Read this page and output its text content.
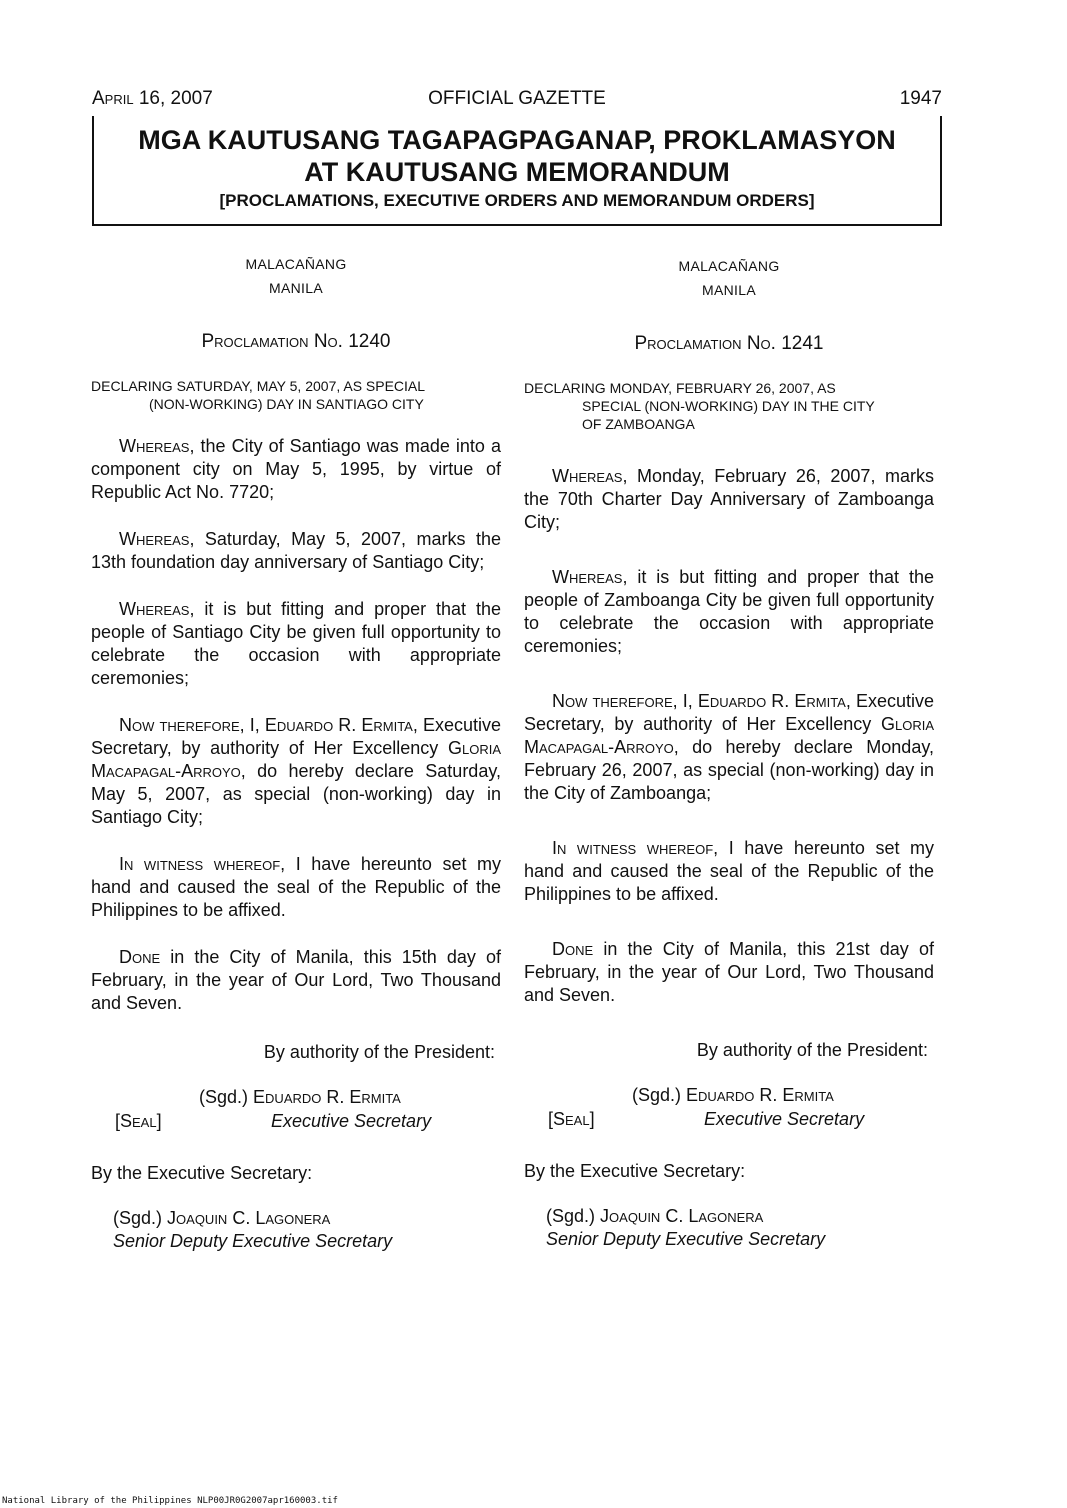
April 16, 2007	OFFICIAL GAZETTE	1947
MGA KAUTUSANG TAGAPAGPAGANAP, PROKLAMASYON
AT KAUTUSANG MEMORANDUM
[PROCLAMATIONS, EXECUTIVE ORDERS AND MEMORANDUM ORDERS]
MALACAÑANG
MANILA
Proclamation No. 1240
DECLARING SATURDAY, MAY 5, 2007, AS SPECIAL
(NON-WORKING) DAY IN SANTIAGO CITY
Whereas, the City of Santiago was made into a component city on May 5, 1995, by virtue of Republic Act No. 7720;
Whereas, Saturday, May 5, 2007, marks the 13th foundation day anniversary of Santiago City;
Whereas, it is but fitting and proper that the people of Santiago City be given full opportunity to celebrate the occasion with appropriate ceremonies;
Now therefore, I, Eduardo R. Ermita, Executive Secretary, by authority of Her Excellency Gloria Macapagal-Arroyo, do hereby declare Saturday, May 5, 2007, as special (non-working) day in Santiago City;
In witness whereof, I have hereunto set my hand and caused the seal of the Republic of the Philippines to be affixed.
Done in the City of Manila, this 15th day of February, in the year of Our Lord, Two Thousand and Seven.
By authority of the President:
(Sgd.) Eduardo R. Ermita
[Seal]	Executive Secretary
By the Executive Secretary:
(Sgd.) Joaquin C. Lagonera
Senior Deputy Executive Secretary
MALACAÑANG
MANILA
Proclamation No. 1241
DECLARING MONDAY, FEBRUARY 26, 2007, AS
SPECIAL (NON-WORKING) DAY IN THE CITY
OF ZAMBOANGA
Whereas, Monday, February 26, 2007, marks the 70th Charter Day Anniversary of Zamboanga City;
Whereas, it is but fitting and proper that the people of Zamboanga City be given full opportunity to celebrate the occasion with appropriate ceremonies;
Now therefore, I, Eduardo R. Ermita, Executive Secretary, by authority of Her Excellency Gloria Macapagal-Arroyo, do hereby declare Monday, February 26, 2007, as special (non-working) day in the City of Zamboanga;
In witness whereof, I have hereunto set my hand and caused the seal of the Republic of the Philippines to be affixed.
Done in the City of Manila, this 21st day of February, in the year of Our Lord, Two Thousand and Seven.
By authority of the President:
(Sgd.) Eduardo R. Ermita
[Seal]	Executive Secretary
By the Executive Secretary:
(Sgd.) Joaquin C. Lagonera
Senior Deputy Executive Secretary
National Library of the Philippines NLP00JR0G2007apr160003.tif
